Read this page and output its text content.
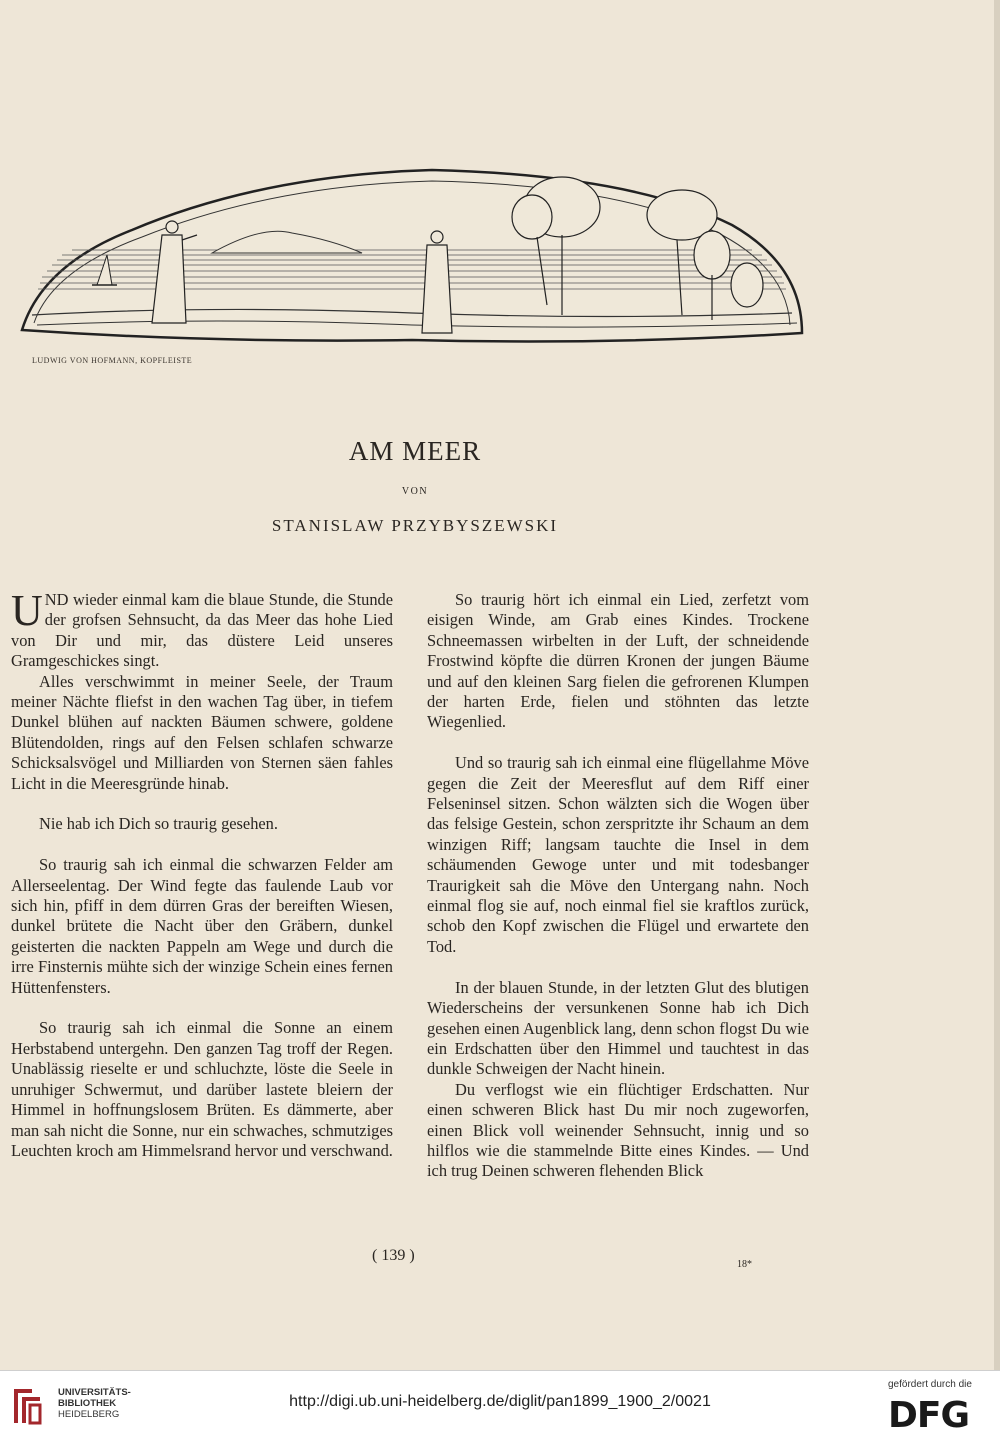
LUDWIG VON HOFMANN, KOPFLEISTE
AM MEER
VON
STANISLAW PRZYBYSZEWSKI

UND wieder einmal kam die blaue Stunde, die Stunde der grofsen Sehnsucht, da das Meer das hohe Lied von Dir und mir, das düstere Leid unseres Gramgeschickes singt.

Alles verschwimmt in meiner Seele, der Traum meiner Nächte fliefst in den wachen Tag über, in tiefem Dunkel blühen auf nackten Bäumen schwere, goldene Blütendolden, rings auf den Felsen schlafen schwarze Schicksalsvögel und Milliarden von Sternen säen fahles Licht in die Meeresgründe hinab.

Nie hab ich Dich so traurig gesehen.

So traurig sah ich einmal die schwarzen Felder am Allerseelentag. Der Wind fegte das faulende Laub vor sich hin, pfiff in dem dürren Gras der bereiften Wiesen, dunkel brütete die Nacht über den Gräbern, dunkel geisterten die nackten Pappeln am Wege und durch die irre Finsternis mühte sich der winzige Schein eines fernen Hüttenfensters.

So traurig sah ich einmal die Sonne an einem Herbstabend untergehn. Den ganzen Tag troff der Regen. Unablässig rieselte er und schluchzte, löste die Seele in unruhiger Schwermut, und darüber lastete bleiern der Himmel in hoffnungslosem Brüten. Es dämmerte, aber man sah nicht die Sonne, nur ein schwaches, schmutziges Leuchten kroch am Himmelsrand hervor und verschwand.

So traurig hört ich einmal ein Lied, zerfetzt vom eisigen Winde, am Grab eines Kindes. Trockene Schneemassen wirbelten in der Luft, der schneidende Frostwind köpfte die dürren Kronen der jungen Bäume und auf den kleinen Sarg fielen die gefrorenen Klumpen der harten Erde, fielen und stöhnten das letzte Wiegenlied.

Und so traurig sah ich einmal eine flügellahme Möve gegen die Zeit der Meeresflut auf dem Riff einer Felseninsel sitzen. Schon wälzten sich die Wogen über das felsige Gestein, schon zerspritzte ihr Schaum an dem winzigen Riff; langsam tauchte die Insel in dem schäumenden Gewoge unter und mit todesbanger Traurigkeit sah die Möve den Untergang nahn. Noch einmal flog sie auf, noch einmal fiel sie kraftlos zurück, schob den Kopf zwischen die Flügel und erwartete den Tod.

In der blauen Stunde, in der letzten Glut des blutigen Wiederscheins der versunkenen Sonne hab ich Dich gesehen einen Augenblick lang, denn schon flogst Du wie ein Erdschatten über den Himmel und tauchtest in das dunkle Schweigen der Nacht hinein.

Du verflogst wie ein flüchtiger Erdschatten. Nur einen schweren Blick hast Du mir noch zugeworfen, einen Blick voll weinender Sehnsucht, innig und so hilflos wie die stammelnde Bitte eines Kindes. — Und ich trug Deinen schweren flehenden Blick

( 139 )
18*
UNIVERSITÄTS-
BIBLIOTHEK
HEIDELBERG
http://digi.ub.uni-heidelberg.de/diglit/pan1899_1900_2/0021
gefördert durch die
DFG
